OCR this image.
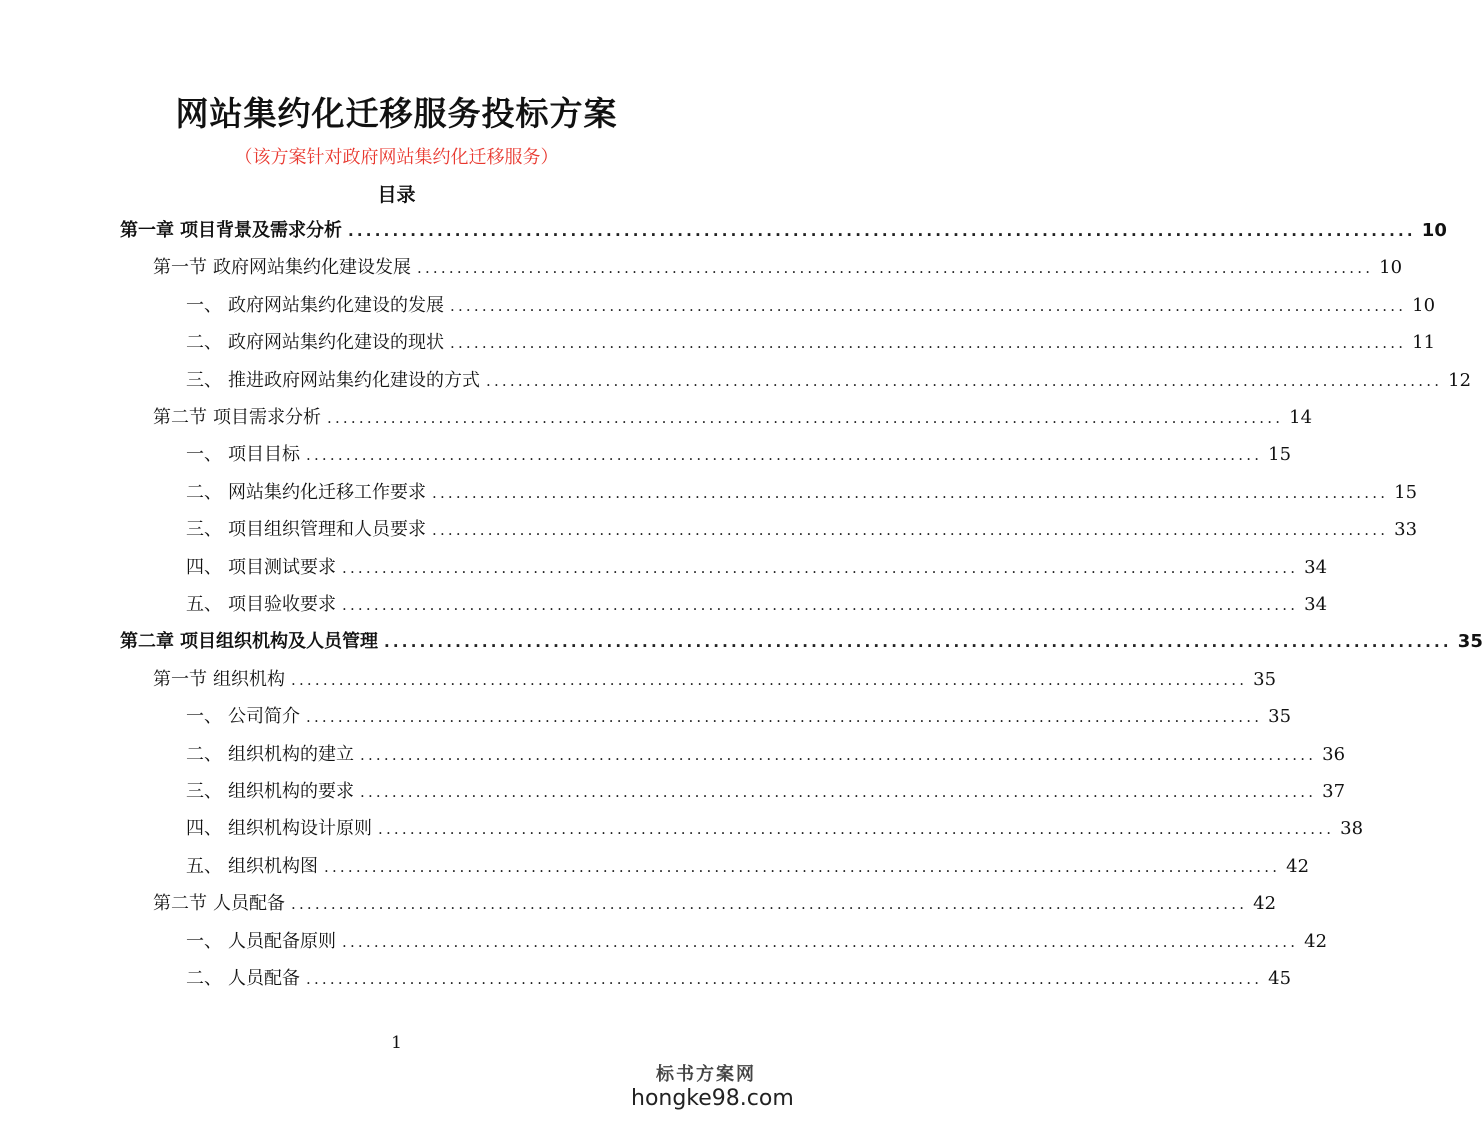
网站集约化迁移服务投标方案
（该方案针对政府网站集约化迁移服务）
目录
第一章 项目背景及需求分析 ........................................................................................................................ 10
第一节 政府网站集约化建设发展 ........................................................................................................................ 10
一、 政府网站集约化建设的发展 ........................................................................................................................ 10
二、 政府网站集约化建设的现状 ........................................................................................................................ 11
三、 推进政府网站集约化建设的方式 ........................................................................................................................ 12
第二节 项目需求分析 ........................................................................................................................ 14
一、 项目目标 ........................................................................................................................ 15
二、 网站集约化迁移工作要求 ........................................................................................................................ 15
三、 项目组织管理和人员要求 ........................................................................................................................ 33
四、 项目测试要求 ........................................................................................................................ 34
五、 项目验收要求 ........................................................................................................................ 34
第二章 项目组织机构及人员管理 ........................................................................................................................ 35
第一节 组织机构 ........................................................................................................................ 35
一、 公司简介 ........................................................................................................................ 35
二、 组织机构的建立 ........................................................................................................................ 36
三、 组织机构的要求 ........................................................................................................................ 37
四、 组织机构设计原则 ........................................................................................................................ 38
五、 组织机构图 ........................................................................................................................ 42
第二节 人员配备 ........................................................................................................................ 42
一、 人员配备原则 ........................................................................................................................ 42
二、 人员配备 ........................................................................................................................ 45
1
标书方案网
hongke98.com
